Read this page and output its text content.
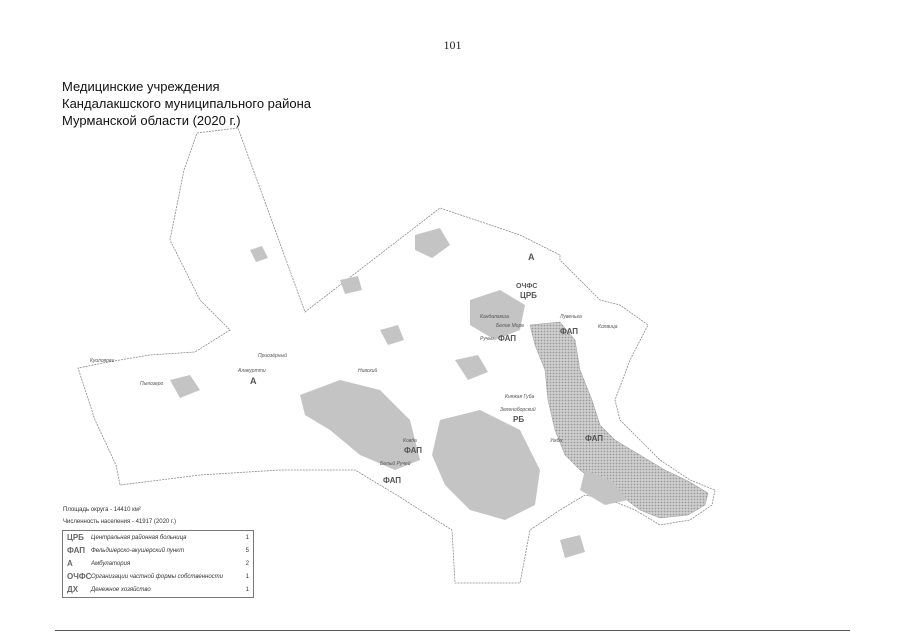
101
Медицинские учреждения
Кандалакшского муниципального района
Мурманской области (2020 г.)
Куолоярви
Пыяозеро
Приозёрный
Алакуртти	Нивский
Кандалакша
Белое Море
Ручьи
Лувеньга
Колвица
Зеленоборский
Княжая Губа
Ковда
Белый Ручей
Умба
ОЧФС
ЦРБ
ФАП
ФАП
ФАП
ФАП
ФАП
А
А
РБ
Площадь округа - 14410 км²
Численность населения - 41917 (2020 г.)
ЦРБ	Центральная районная больница	1
ФАП Фельдшерско-акушерский пункт	5
А	Амбулатория	2
ОЧФС Организации частной формы собственности	1
ДХ	Денежное хозяйство	1
